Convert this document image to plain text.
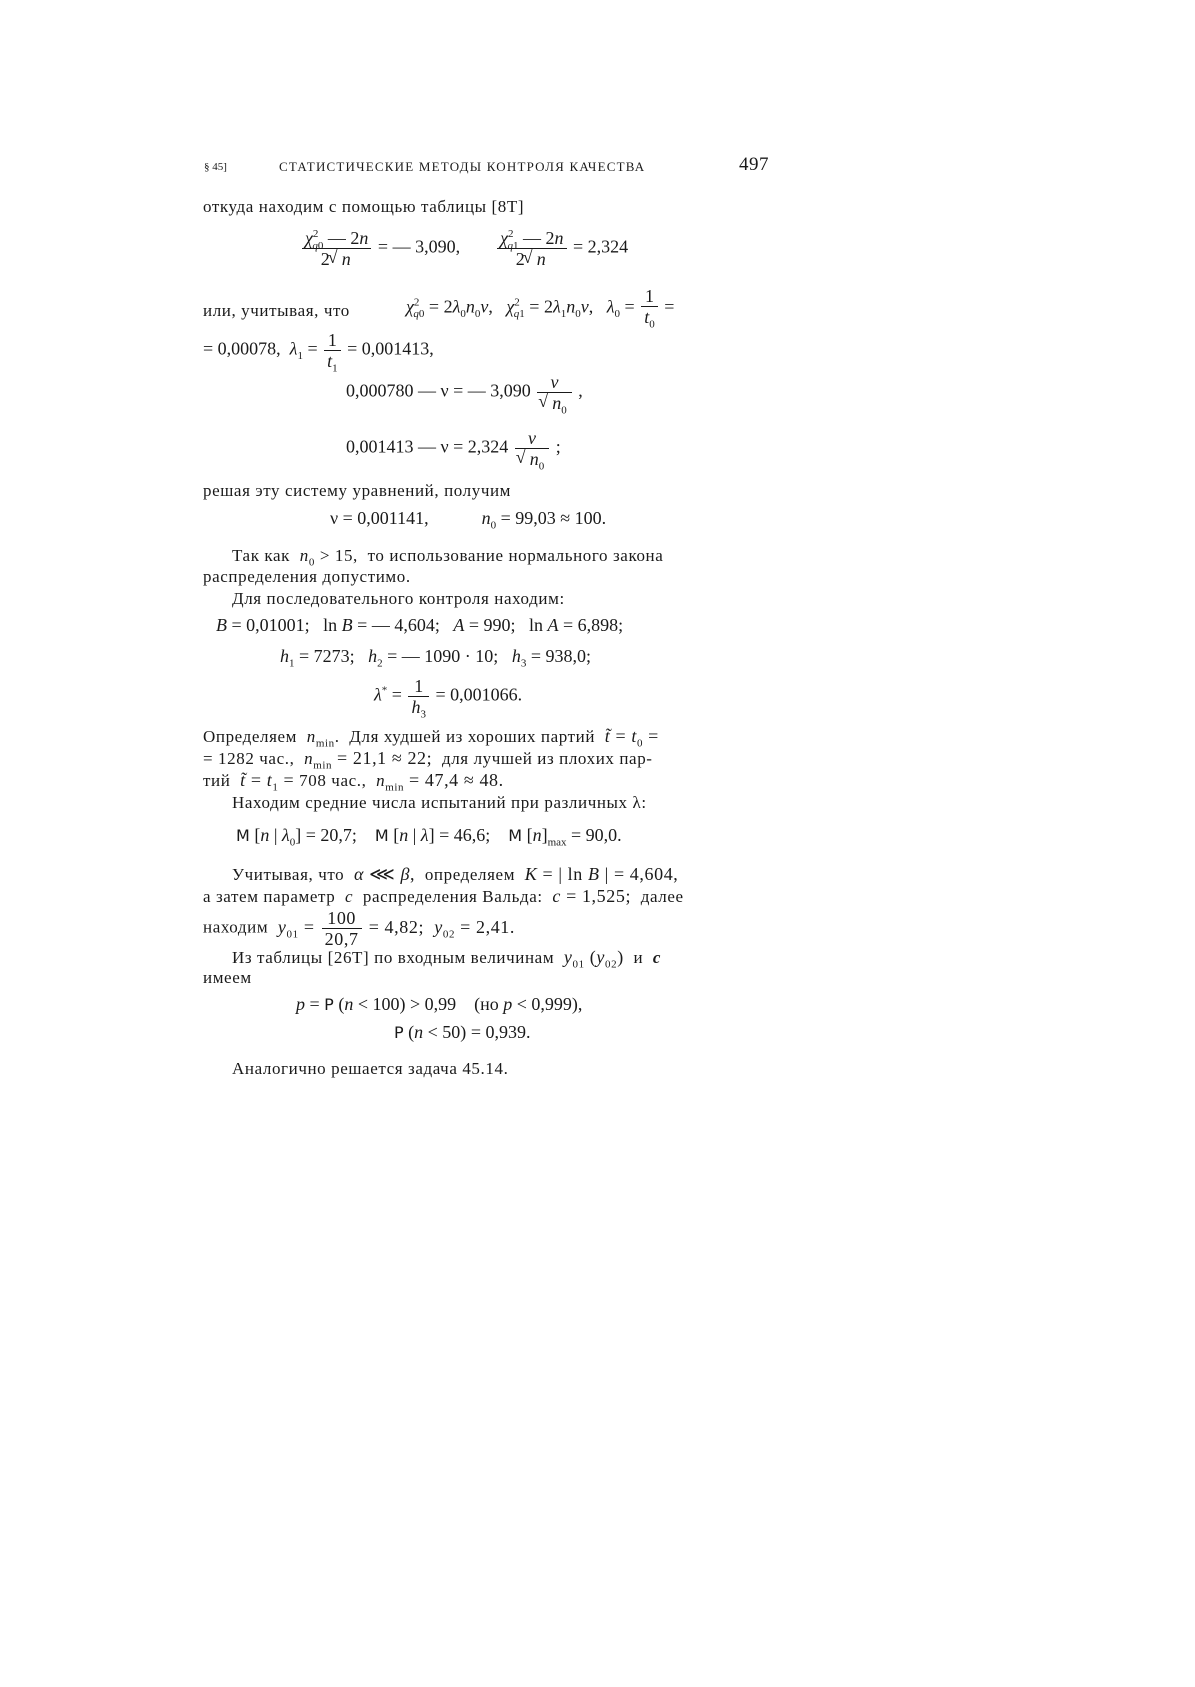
§ 45]	СТАТИСТИЧЕСКИЕ МЕТОДЫ КОНТРОЛЯ КАЧЕСТВА	497
откуда находим с помощью таблицы [8Т]
$\frac{\chi^2_{q0} — 2n}{2 √ n}$ = — 3,090, $\frac{\chi^2_{q1} — 2n}{2 √ n} = 2,324$
или, учитывая, что	$\chi^2_{q0} = 2\lambda_0n_0\nu$,   $\chi^2_{q1} = 2\lambda_1n_0\nu$,   $\lambda_0 = \frac{1}{t_0}$ =
= 0,00078, $\lambda_1 = \frac{1}{t_1} = 0,001413$,
0,000780 — ν = — 3,090 ν
√ $n_0$ ,
0,001413 — ν = 2,324 ν
√ $n_0$ ;
решая эту систему уравнений, получим
ν = 0,001141,	$n_0 = 99,03 \approx 100$.
Так как $n_0 > 15$, то использование нормального закона
распределения допустимо.
Для последовательного контроля находим:
B = 0,01001;   ln B = — 4,604; A = 990;   ln A = 6,898;
$h_1 = 7273$; $h_2$ = — 1090 · 10; $h_3 = 938,0$;
$\lambda^* = \frac{1}{h_3} = 0,001066$.
Определяем $n_{min}$.  Для худшей из хороших партий t̃ = $t_0$ =
= 1282 час., $n_{min} = 21,1 \approx 22$; для лучшей из плохих пар-
тий t̃ = $t_1 = 708$ час., $n_{min} = 47,4 \approx 48$.
Находим средние числа испытаний при различных λ:
M [n | $\lambda_0] = 20,7$; M [n | λ] = 46,6; M $[n]_{max} = 90,0$.
Учитывая, что α ⋘ β, определяем K = | ln B | = 4,604,
а затем параметр c распределения Вальда: c = 1,525; далее
находим $y_{01} = \frac{100}{20,7} = 4,82$; $y_{02} = 2,41$.
Из таблицы [26Т] по входным величинам $y_{01}$ $(y_{02})$ и c
имеем
p = P (n < 100) > 0,99 (но p < 0,999),
P (n < 50) = 0,939.
Аналогично решается задача 45.14.
